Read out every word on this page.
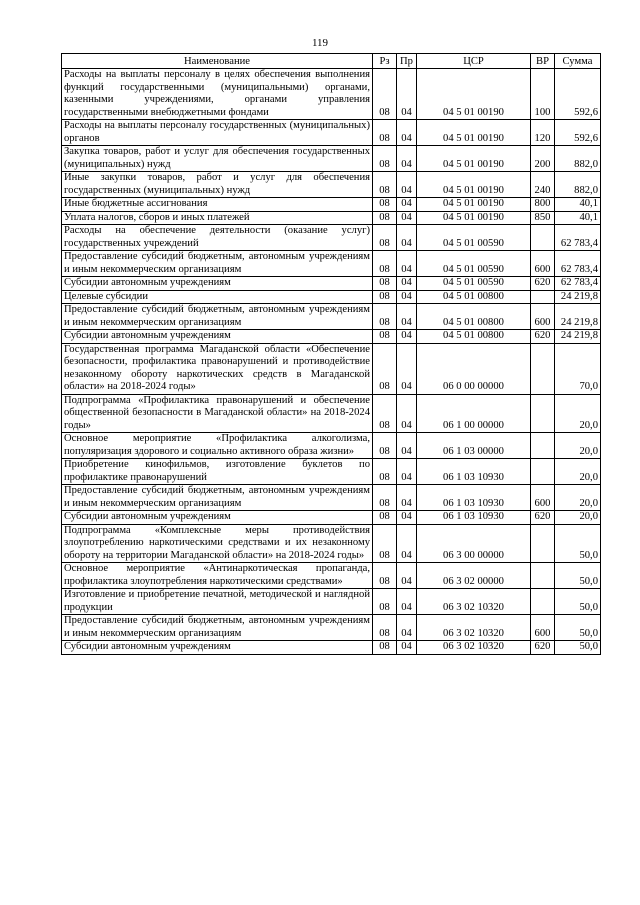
119
Наименование	Рз	Пр	ЦСР	ВР	Сумма
Расходы на выплаты персоналу в целях обеспечения выполнения функций государственными (муниципальными) органами, казенными учреждениями, органами управления государственными внебюджетными фондами	08	04	04 5 01 00190	100	592,6
Расходы на выплаты персоналу государственных (муниципальных) органов	08	04	04 5 01 00190	120	592,6
Закупка товаров, работ и услуг для обеспечения государственных (муниципальных) нужд	08	04	04 5 01 00190	200	882,0
Иные закупки товаров, работ и услуг для обеспечения государственных (муниципальных) нужд	08	04	04 5 01 00190	240	882,0
Иные бюджетные ассигнования	08	04	04 5 01 00190	800	40,1
Уплата налогов, сборов и иных платежей	08	04	04 5 01 00190	850	40,1
Расходы на обеспечение деятельности (оказание услуг) государственных учреждений	08	04	04 5 01 00590		62 783,4
Предоставление субсидий бюджетным, автономным учреждениям и иным некоммерческим организациям	08	04	04 5 01 00590	600	62 783,4
Субсидии автономным учреждениям	08	04	04 5 01 00590	620	62 783,4
Целевые субсидии	08	04	04 5 01 00800		24 219,8
Предоставление субсидий бюджетным, автономным учреждениям и иным некоммерческим организациям	08	04	04 5 01 00800	600	24 219,8
Субсидии автономным учреждениям	08	04	04 5 01 00800	620	24 219,8
Государственная программа Магаданской области «Обеспечение безопасности, профилактика правонарушений и противодействие незаконному обороту наркотических средств в Магаданской области» на 2018-2024 годы»	08	04	06 0 00 00000		70,0
Подпрограмма «Профилактика правонарушений и обеспечение общественной безопасности в Магаданской области» на 2018-2024 годы»	08	04	06 1 00 00000		20,0
Основное мероприятие «Профилактика алкоголизма, популяризация здорового и социально активного образа жизни»	08	04	06 1 03 00000		20,0
Приобретение кинофильмов, изготовление буклетов по профилактике правонарушений	08	04	06 1 03 10930		20,0
Предоставление субсидий бюджетным, автономным учреждениям и иным некоммерческим организациям	08	04	06 1 03 10930	600	20,0
Субсидии автономным учреждениям	08	04	06 1 03 10930	620	20,0
Подпрограмма «Комплексные меры противодействия злоупотреблению наркотическими средствами и их незаконному обороту на территории Магаданской области» на 2018-2024 годы»	08	04	06 3 00 00000		50,0
Основное мероприятие «Антинаркотическая пропаганда, профилактика злоупотребления наркотическими средствами»	08	04	06 3 02 00000		50,0
Изготовление и приобретение печатной, методической и наглядной продукции	08	04	06 3 02 10320		50,0
Предоставление субсидий бюджетным, автономным учреждениям и иным некоммерческим организациям	08	04	06 3 02 10320	600	50,0
Субсидии автономным учреждениям	08	04	06 3 02 10320	620	50,0
